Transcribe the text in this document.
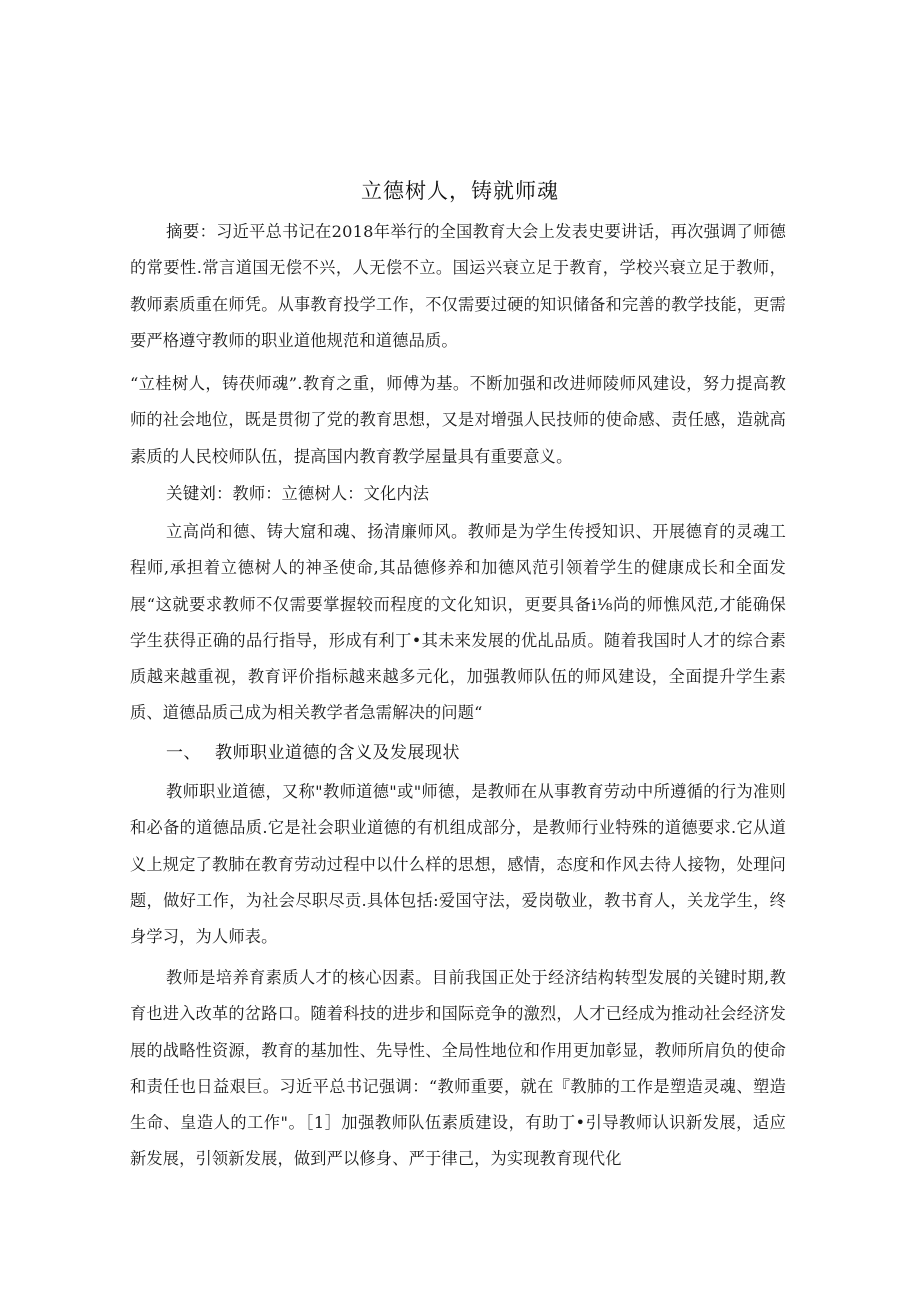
立德树人，铸就师魂

摘要：习近平总书记在2018年举行的全国教育大会上发表史要讲话，再次强调了师德的常要性.常言道国无偿不兴，人无偿不立。国运兴衰立足于教育，学校兴衰立足于教师，教师素质重在师凭。从事教育投学工作，不仅需要过硬的知识储备和完善的教学技能，更需要严格遵守教师的职业道他规范和道德品质。

“立桂树人，铸茯师魂”.教育之重，师傅为基。不断加强和改进师陵师风建设，努力提高教师的社会地位，既是贯彻了党的教育思想，又是对增强人民技师的使命感、责任感，造就高素质的人民校师队伍，提高国内教育教学屋量具有重要意义。

关键刘：教师：立德树人：文化内法

立高尚和德、铸大窟和魂、扬清廉师风。教师是为学生传授知识、开展德育的灵魂工程师,承担着立德树人的神圣使命,其品德修养和加德风范引领着学生的健康成长和全面发展“这就要求教师不仅需要掌握较而程度的文化知识，更要具备i⅛尚的师憔风范,才能确保学生获得正确的品行指导，形成有利丁•其未来发展的优乩品质。随着我国时人才的综合素质越来越重视，教育评价指标越来越多元化，加强教师队伍的师风建设，全面提升学生素质、道德品质己成为相关教学者急需解决的问题“

一、 教师职业道德的含义及发展现状

教师职业道德，又称"教师道德"或"师德，是教师在从事教育劳动中所遵循的行为准则和必备的道德品质.它是社会职业道德的有机组成部分，是教师行业特殊的道德要求.它从道义上规定了教肺在教育劳动过程中以什么样的思想，感情，态度和作风去待人接物，处理问题，做好工作，为社会尽职尽贡.具体包括:爱国守法，爱岗敬业，教书育人，关龙学生，终身学习，为人师表。

教师是培养育素质人才的核心因素。目前我国正处于经济结构转型发展的关键时期,教育也进入改革的岔路口。随着科技的进步和国际竞争的激烈，人才已经成为推动社会经济发展的战略性资源，教育的基加性、先导性、全局性地位和作用更加彰显，教师所肩负的使命和责任也日益艰巨。习近平总书记强调：“教师重要，就在『教肺的工作是塑造灵魂、塑造生命、皇造人的工作"。［1］加强教师队伍素质建设，有助丁•引导教师认识新发展，适应新发展，引领新发展，做到严以修身、严于律己，为实现教育现代化
